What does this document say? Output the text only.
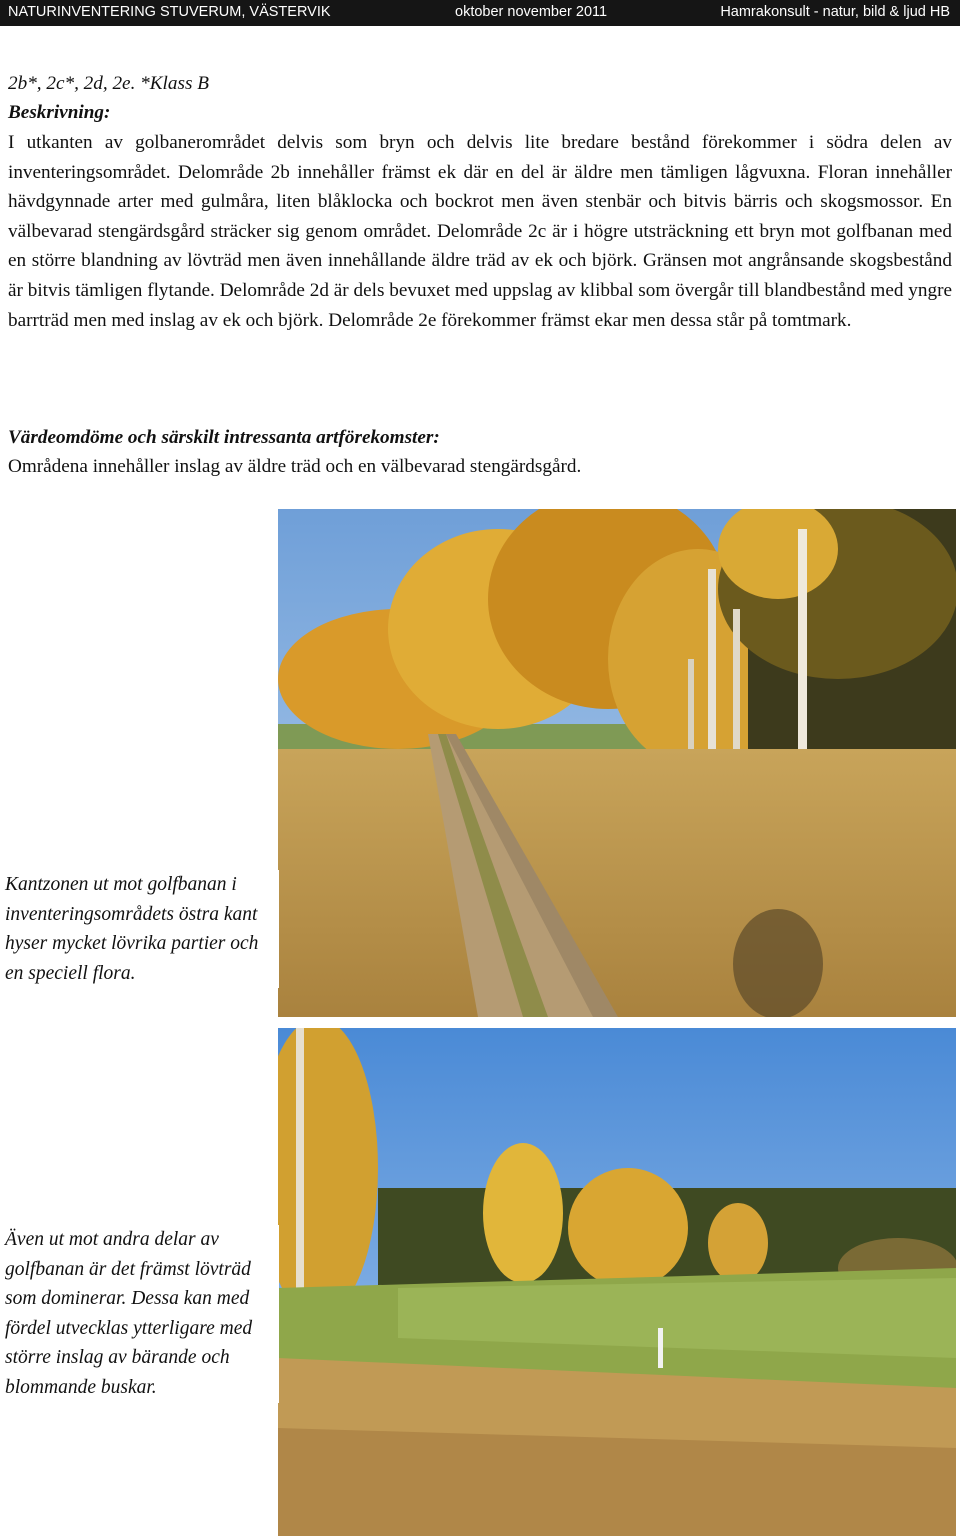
NATURINVENTERING STUVERUM, VÄSTERVIK	oktober november 2011	Hamrakonsult - natur, bild & ljud HB
2b*, 2c*, 2d, 2e. *Klass B
Beskrivning:
I utkanten av golbanerområdet delvis som bryn och delvis lite bredare bestånd förekommer i södra delen av inventeringsområdet. Delområde 2b innehåller främst ek där en del är äldre men tämligen lågvuxna. Floran innehåller hävdgynnade arter med gulmåra, liten blåklocka och bockrot men även stenbär och bitvis bärris och skogsmossor. En välbevarad stengärdsgård sträcker sig genom området. Delområde 2c är i högre utsträckning ett bryn mot golfbanan med en större blandning av lövträd men även innehållande äldre träd av ek och björk. Gränsen mot angrånsande skogsbestånd är bitvis tämligen flytande. Delområde 2d är dels bevuxet med uppslag av klibbal som övergår till blandbestånd med yngre barrträd men med inslag av ek och björk. Delområde 2e förekommer främst ekar men dessa står på tomtmark.
Värdeomdöme och särskilt intressanta artförekomster:
Områdena innehåller inslag av äldre träd och en välbevarad stengärdsgård.
Kantzonen ut mot golfbanan i inventeringsområdets östra kant hyser mycket lövrika partier och en speciell flora.
Även ut mot andra delar av golfbanan är det främst lövträd som dominerar. Dessa kan med fördel utvecklas ytterligare med större inslag av bärande och blommande buskar.
